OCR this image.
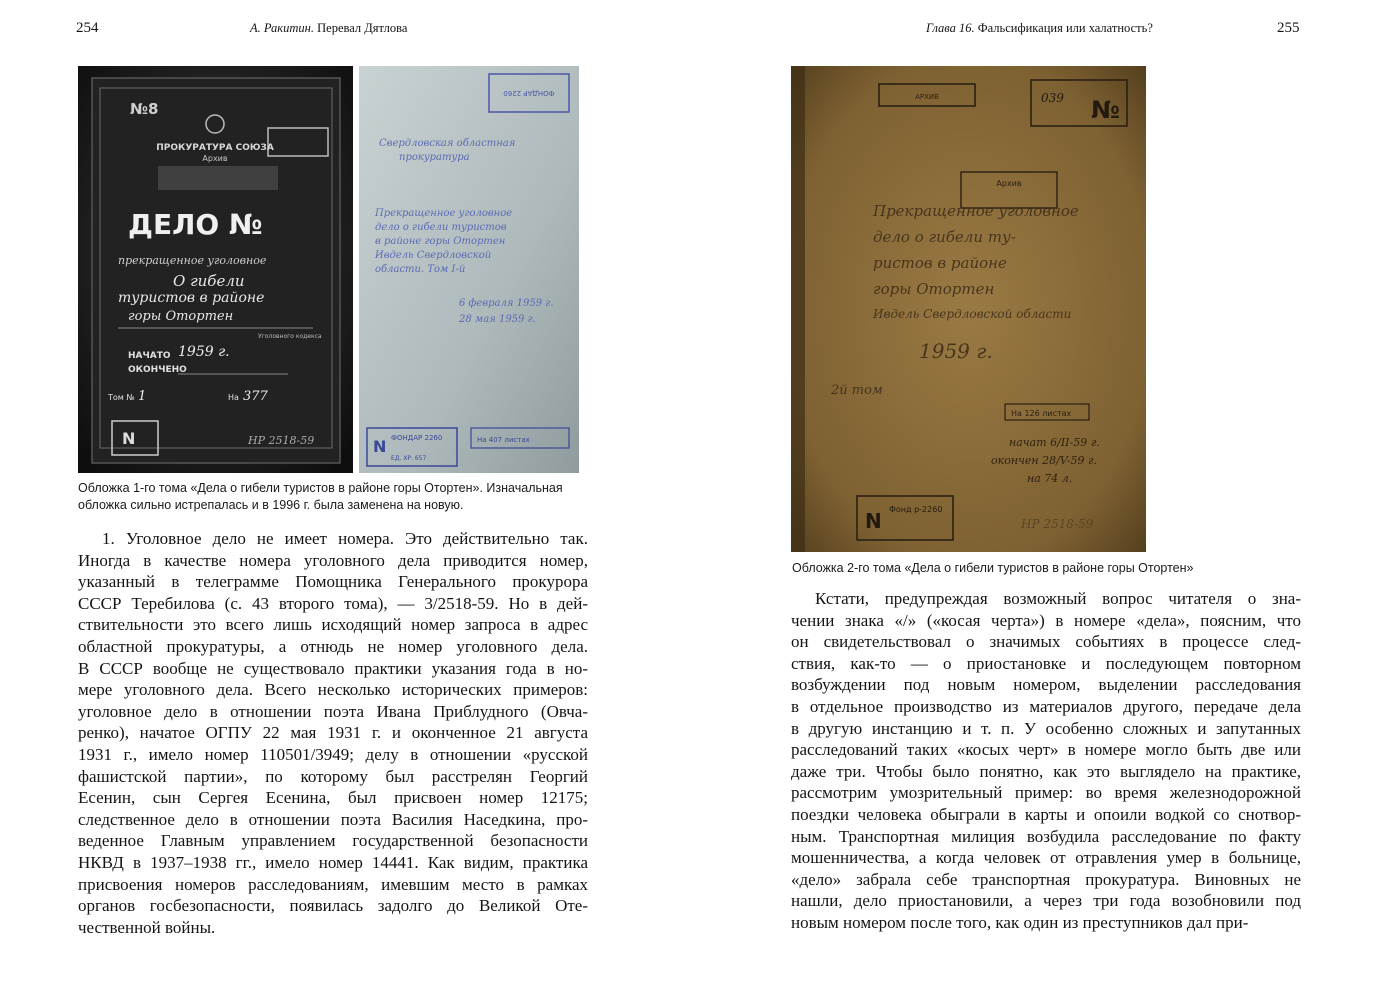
254	А. Ракитин. Перевал Дятлова
№8
ПРОКУРАТУРА СОЮЗА
Архив
ДЕЛО №
прекращенное уголовное
О гибели
туристов в районе
горы Отортен
Уголовного кодекса
НАЧАТО 1959 г.
ОКОНЧЕНО
Том № 1	На 377
N	НР 2518-59
ФОНДАР 2260
Свердловская областная
прокуратура
Прекращенное уголовное
дело о гибели туристов
в районе горы Отортен
Ивдель Свердловской
области. Том I-й
6 февраля 1959 г.
28 мая 1959 г.
N ФОНДАР 2260
ЕД. ХР. 657
На 407 листах
Обложка 1-го тома «Дела о гибели туристов в районе горы Отортен». Изначальная
обложка сильно истрепалась и в 1996 г. была заменена на новую.
1. Уголовное дело не имеет номера. Это действительно так.
Иногда в качестве номера уголовного дела приводится номер,
указанный в телеграмме Помощника Генерального прокурора
СССР Теребилова (с. 43 второго тома), — 3/2518-59. Но в дей-
ствительности это всего лишь исходящий номер запроса в адрес
областной прокуратуры, а отнюдь не номер уголовного дела.
В СССР вообще не существовало практики указания года в но-
мере уголовного дела. Всего несколько исторических примеров:
уголовное дело в отношении поэта Ивана Приблудного (Овча-
ренко), начатое ОГПУ 22 мая 1931 г. и оконченное 21 августа
1931 г., имело номер 110501/3949; делу в отношении «русской
фашистской партии», по которому был расстрелян Георгий
Есенин, сын Сергея Есенина, был присвоен номер 12175;
следственное дело в отношении поэта Василия Наседкина, про-
веденное Главным управлением государственной безопасности
НКВД в 1937–1938 гг., имело номер 14441. Как видим, практика
присвоения номеров расследованиям, имевшим место в рамках
органов госбезопасности, появилась задолго до Великой Оте-
чественной войны.
Глава 16. Фальсификация или халатность?	255
АРХИВ	№
039
Архив
Прекращенное уголовное
дело о гибели ту-
ристов в районе
горы Отортен
Ивдель Свердловской области
1959 г.
2й том
На 126 листах
начат 6/II-59 г.
окончен 28/V-59 г.
на 74 л.
N Фонд р-2260
НР 2518-59
Обложка 2-го тома «Дела о гибели туристов в районе горы Отортен»
Кстати, предупреждая возможный вопрос читателя о зна-
чении знака «/» («косая черта») в номере «дела», поясним, что
он свидетельствовал о значимых событиях в процессе след-
ствия, как-то — о приостановке и последующем повторном
возбуждении под новым номером, выделении расследования
в отдельное производство из материалов другого, передаче дела
в другую инстанцию и т. п. У особенно сложных и запутанных
расследований таких «косых черт» в номере могло быть две или
даже три. Чтобы было понятно, как это выглядело на практике,
рассмотрим умозрительный пример: во время железнодорожной
поездки человека обыграли в карты и опоили водкой со снотвор-
ным. Транспортная милиция возбудила расследование по факту
мошенничества, а когда человек от отравления умер в больнице,
«дело» забрала себе транспортная прокуратура. Виновных не
нашли, дело приостановили, а через три года возобновили под
новым номером после того, как один из преступников дал при-
